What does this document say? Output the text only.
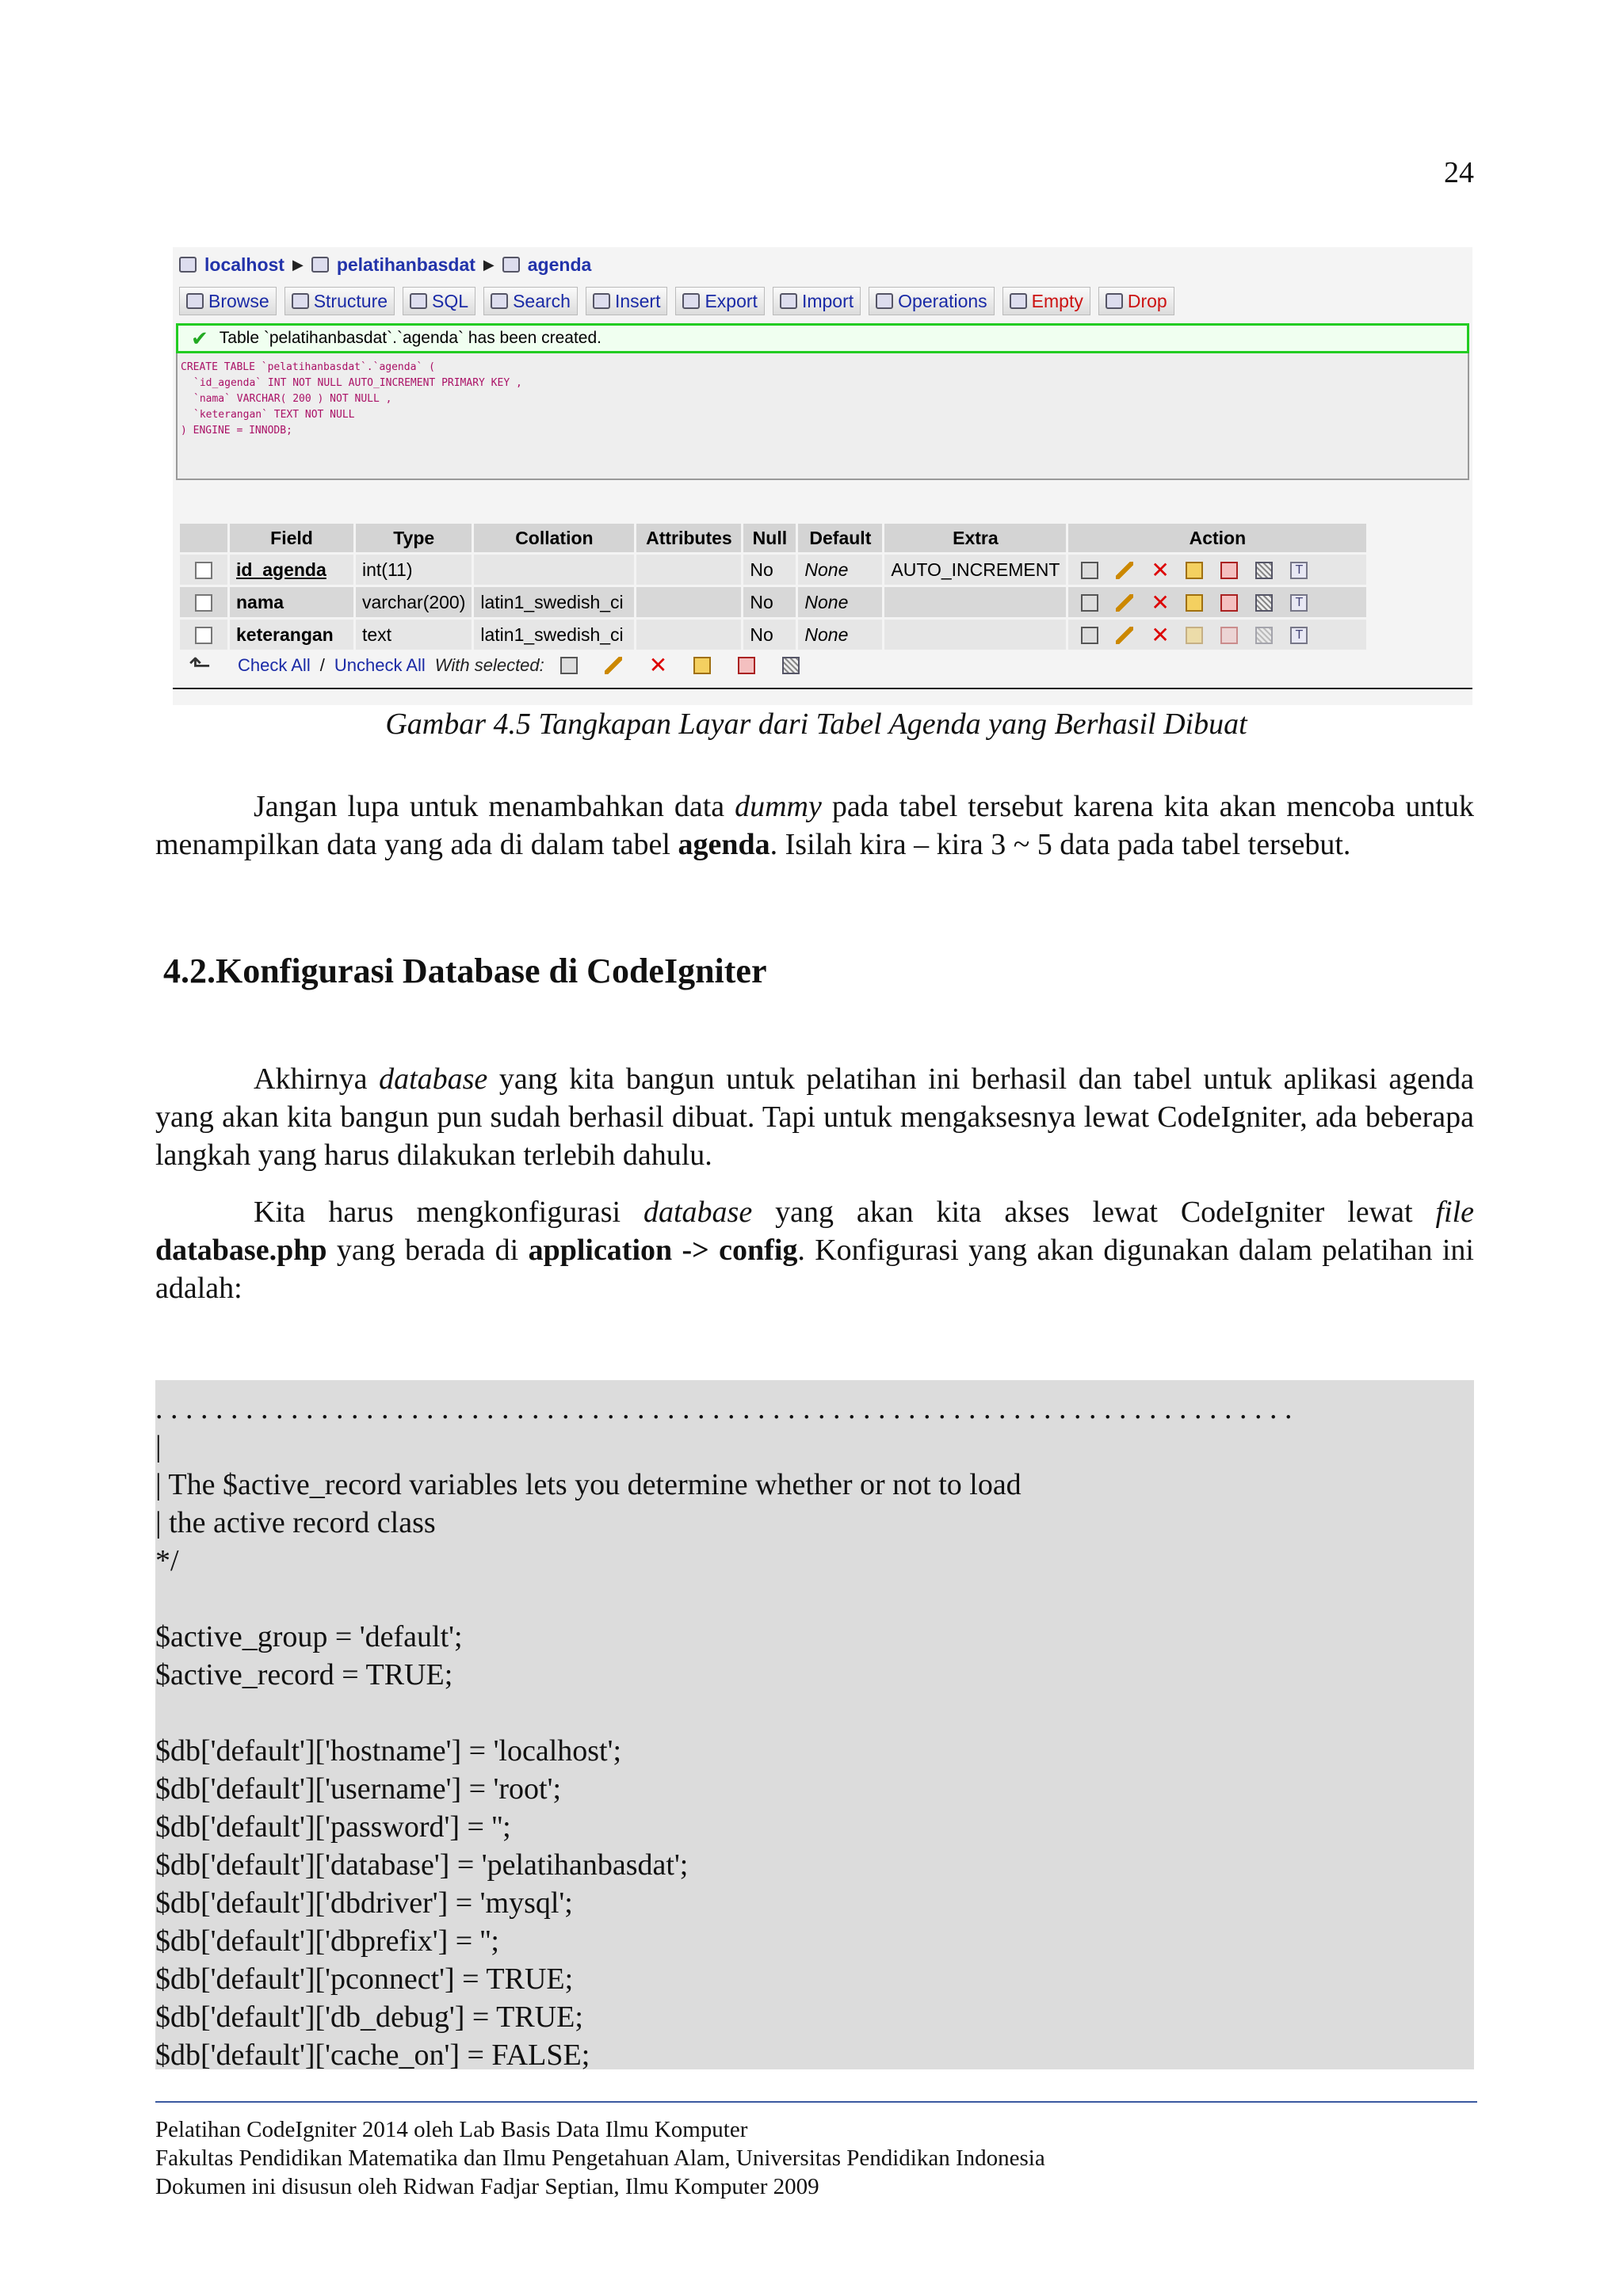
24
localhost ▶ pelatihanbasdat ▶ agenda
Browse Structure SQL Search Insert Export Import Operations Empty Drop
✔ Table `pelatihanbasdat`.`agenda` has been created.
CREATE TABLE `pelatihanbasdat`.`agenda` (
`id_agenda` INT NOT NULL AUTO_INCREMENT PRIMARY KEY ,
`nama` VARCHAR( 200 ) NOT NULL ,
`keterangan` TEXT NOT NULL
) ENGINE = INNODB;
	Field	Type	Collation	Attributes	Null	Default	Extra	Action
	id_agenda	int(11)			No	None	AUTO_INCREMENT	✕ T
	nama	varchar(200)	latin1_swedish_ci		No	None		✕ T
	keterangan	text	latin1_swedish_ci		No	None		✕ T
⬑	Check All / Uncheck All With selected:	✕
Gambar 4.5 Tangkapan Layar dari Tabel Agenda yang Berhasil Dibuat
Jangan lupa untuk menambahkan data dummy pada tabel tersebut karena kita akan mencoba untuk menampilkan data yang ada di dalam tabel agenda. Isilah kira – kira 3 ~ 5 data pada tabel tersebut.
4.2.Konfigurasi Database di CodeIgniter
Akhirnya database yang kita bangun untuk pelatihan ini berhasil dan tabel untuk aplikasi agenda yang akan kita bangun pun sudah berhasil dibuat. Tapi untuk mengaksesnya lewat CodeIgniter, ada beberapa langkah yang harus dilakukan terlebih dahulu.
Kita harus mengkonfigurasi database yang akan kita akses lewat CodeIgniter lewat file database.php yang berada di application -> config. Konfigurasi yang akan digunakan dalam pelatihan ini adalah:
. . . . . . . . . . . . . . . . . . . . . . . . . . . . . . . . . . . . . . . . . . . . . . . . . . . . . . . . . . . . . . . . . . . . . . . . . . . .
|
| The $active_record variables lets you determine whether or not to load
| the active record class
*/
$active_group = 'default';
$active_record = TRUE;
$db['default']['hostname'] = 'localhost';
$db['default']['username'] = 'root';
$db['default']['password'] = '';
$db['default']['database'] = 'pelatihanbasdat';
$db['default']['dbdriver'] = 'mysql';
$db['default']['dbprefix'] = '';
$db['default']['pconnect'] = TRUE;
$db['default']['db_debug'] = TRUE;
$db['default']['cache_on'] = FALSE;
Pelatihan CodeIgniter 2014 oleh Lab Basis Data Ilmu Komputer
Fakultas Pendidikan Matematika dan Ilmu Pengetahuan Alam, Universitas Pendidikan Indonesia
Dokumen ini disusun oleh Ridwan Fadjar Septian, Ilmu Komputer 2009
